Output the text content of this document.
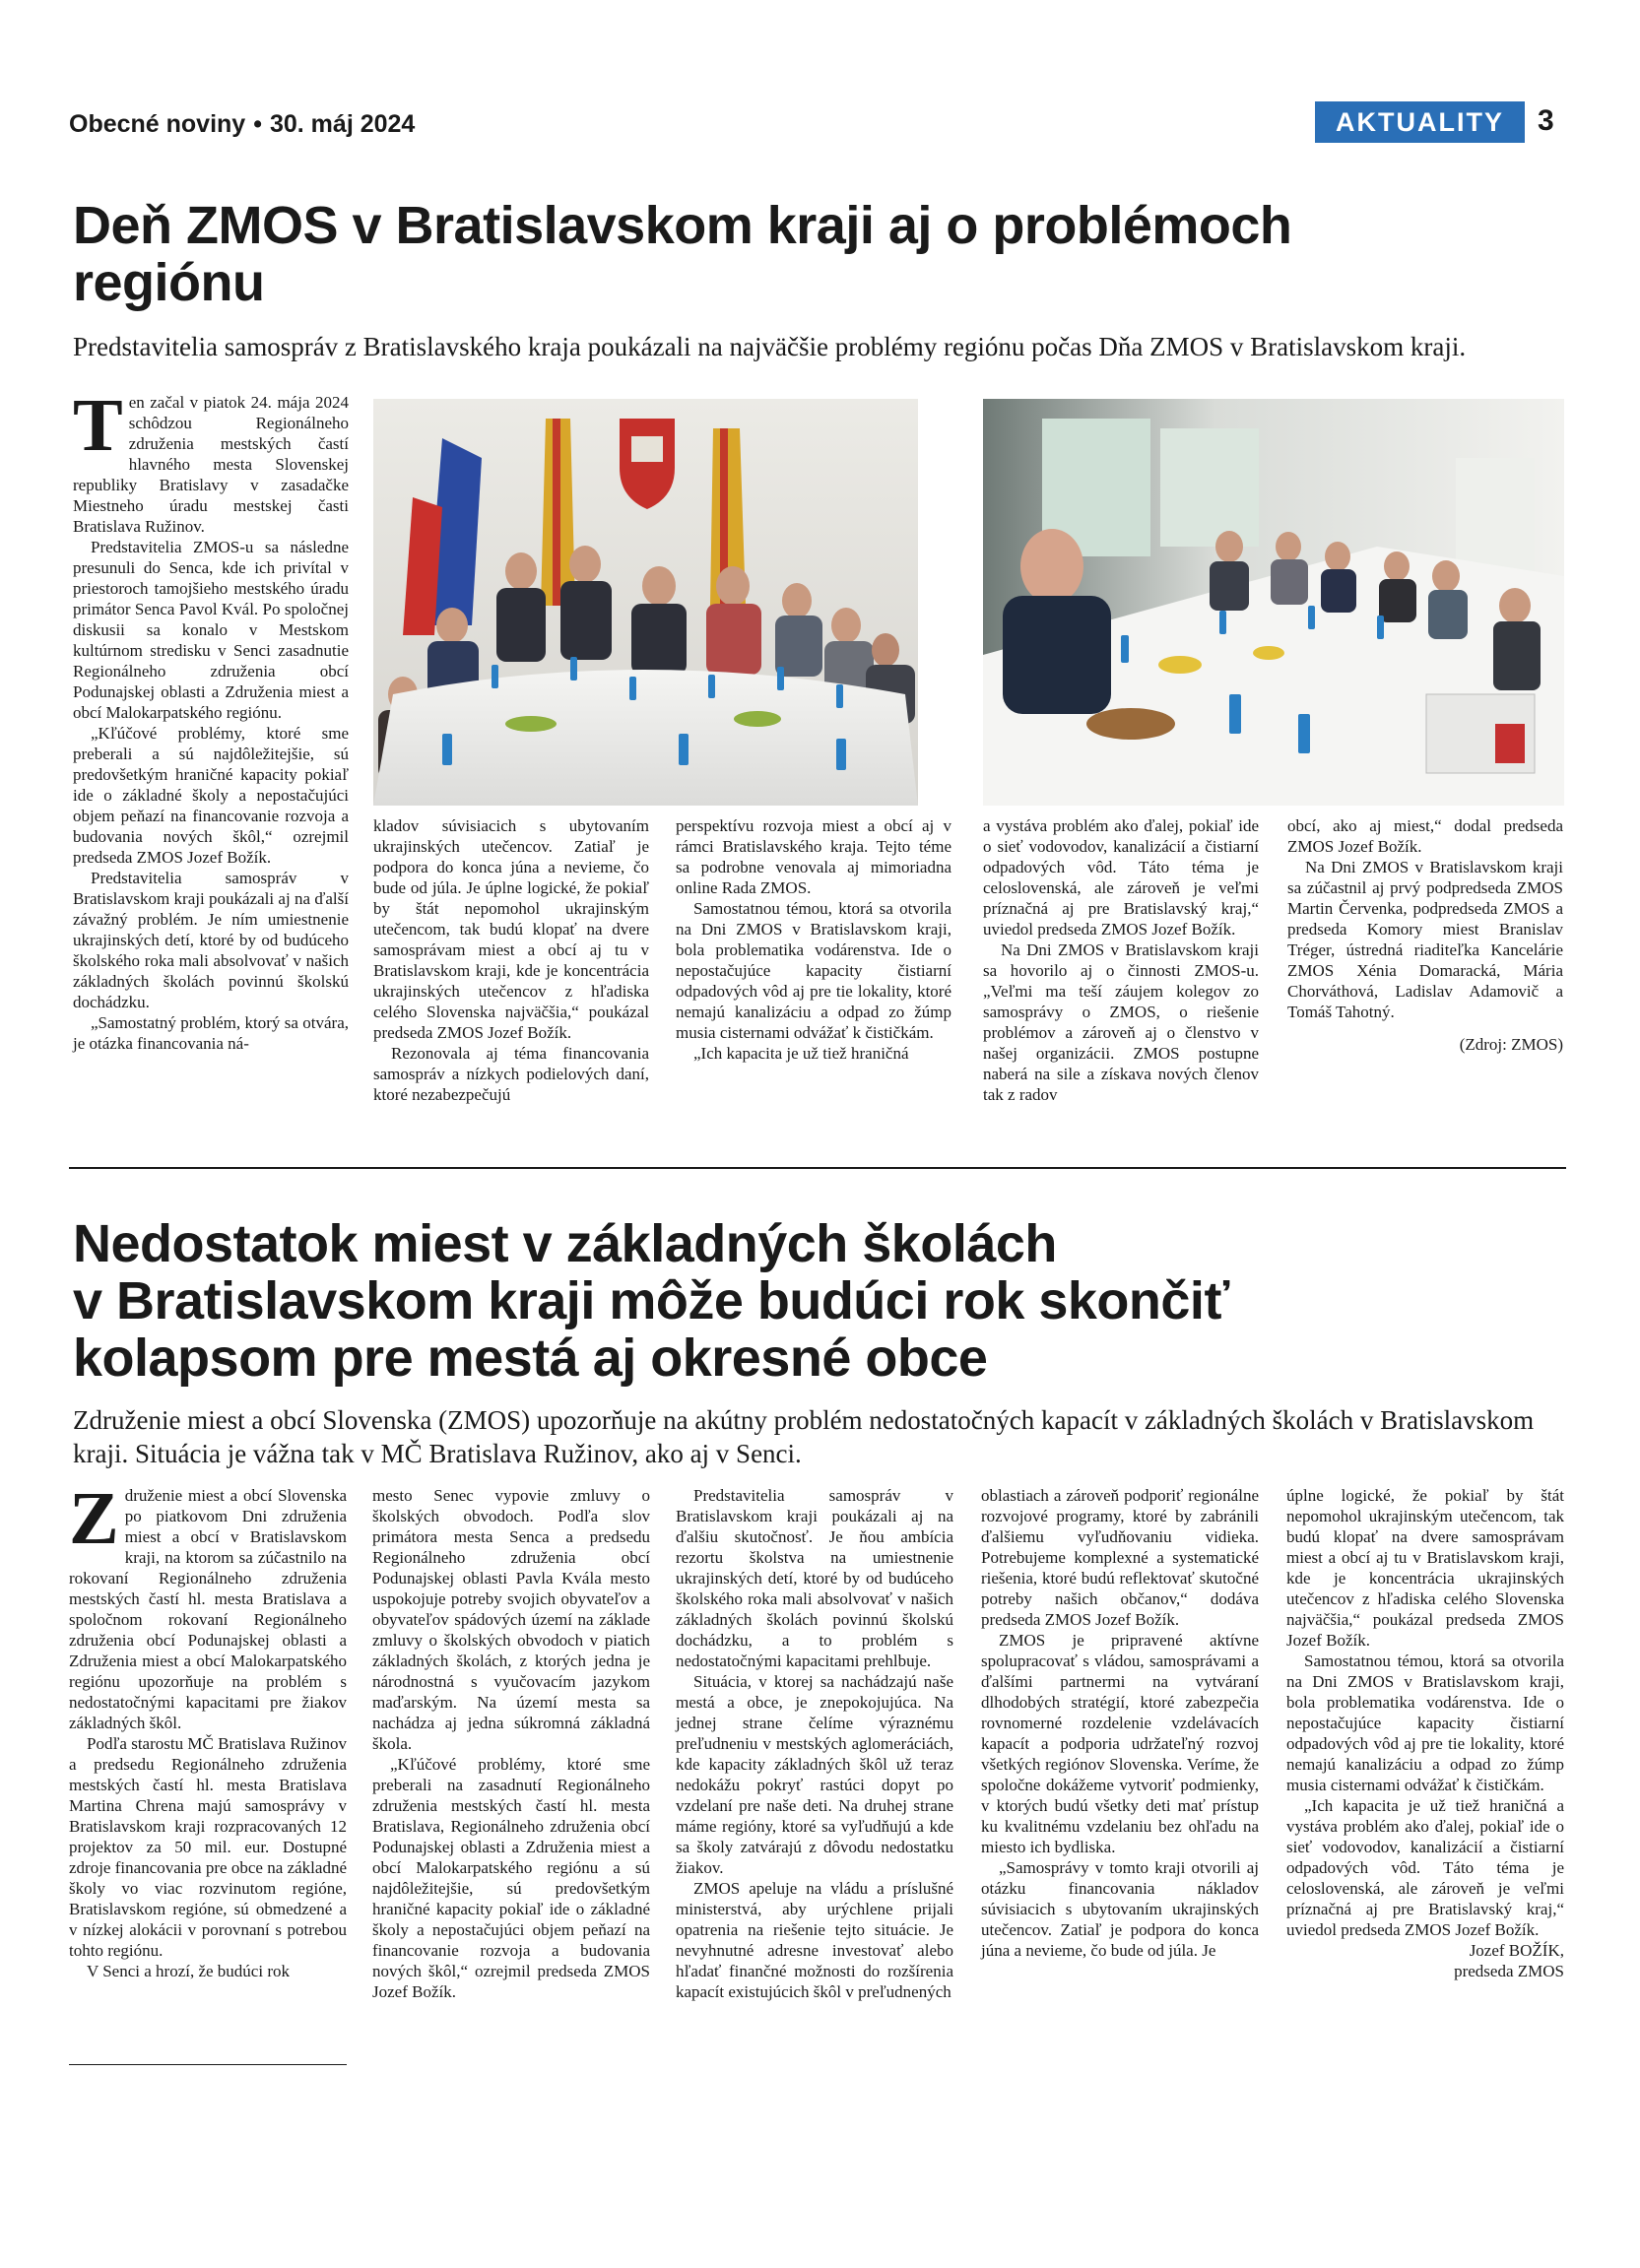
Obecné noviny • 30. máj 2024	AKTUALITY	3
Deň ZMOS v Bratislavskom kraji aj o problémoch
regiónu
Predstavitelia samospráv z Bratislavského kraja poukázali na najväčšie problémy regiónu počas Dňa ZMOS v Bratislavskom kraji.

Ten začal v piatok 24. mája 2024 schôdzou Regionálneho združenia mestských častí hlavného mesta Slovenskej republiky Bratislavy v zasadačke Miestneho úradu mestskej časti Bratislava Ružinov.

Predstavitelia ZMOS-u sa následne presunuli do Senca, kde ich privítal v priestoroch tamojšieho mestského úradu primátor Senca Pavol Kvál. Po spoločnej diskusii sa konalo v Mestskom kultúrnom stredisku v Senci zasadnutie Regionálneho združenia obcí Podunajskej oblasti a Združenia miest a obcí Malokarpatského regiónu.

„Kľúčové problémy, ktoré sme preberali a sú najdôležitejšie, sú predovšetkým hraničné kapacity pokiaľ ide o základné školy a nepostačujúci objem peňazí na financovanie rozvoja a budovania nových škôl,“ ozrejmil predseda ZMOS Jozef Božík.

Predstavitelia samospráv v Bratislavskom kraji poukázali aj na ďalší závažný problém. Je ním umiestnenie ukrajinských detí, ktoré by od budúceho školského roka mali absolvovať v našich základných školách povinnú školskú dochádzku.

„Samostatný problém, ktorý sa otvára, je otázka financovania ná-

kladov súvisiacich s ubytovaním ukrajinských utečencov. Zatiaľ je podpora do konca júna a nevieme, čo bude od júla. Je úplne logické, že pokiaľ by štát nepomohol ukrajinským utečencom, tak budú klopať na dvere samosprávam miest a obcí aj tu v Bratislavskom kraji, kde je koncentrácia ukrajinských utečencov z hľadiska celého Slovenska najväčšia,“ poukázal predseda ZMOS Jozef Božík.

Rezonovala aj téma financovania samospráv a nízkych podielových daní, ktoré nezabezpečujú

perspektívu rozvoja miest a obcí aj v rámci Bratislavského kraja. Tejto téme sa podrobne venovala aj mimoriadna online Rada ZMOS.

Samostatnou témou, ktorá sa otvorila na Dni ZMOS v Bratislavskom kraji, bola problematika vodárenstva. Ide o nepostačujúce kapacity čistiarní odpadových vôd aj pre tie lokality, ktoré nemajú kanalizáciu a odpad zo žúmp musia cisternami odvážať k čističkám.

„Ich kapacita je už tiež hraničná

a vystáva problém ako ďalej, pokiaľ ide o sieť vodovodov, kanalizácií a čistiarní odpadových vôd. Táto téma je celoslovenská, ale zároveň je veľmi príznačná aj pre Bratislavský kraj,“ uviedol predseda ZMOS Jozef Božík.

Na Dni ZMOS v Bratislavskom kraji sa hovorilo aj o činnosti ZMOS-u. „Veľmi ma teší záujem kolegov zo samosprávy o ZMOS, o riešenie problémov a zároveň aj o členstvo v našej organizácii. ZMOS postupne naberá na sile a získava nových členov tak z radov

obcí, ako aj miest,“ dodal predseda ZMOS Jozef Božík.

Na Dni ZMOS v Bratislavskom kraji sa zúčastnil aj prvý podpredseda ZMOS Martin Červenka, podpredseda ZMOS a predseda Komory miest Branislav Tréger, ústredná riaditeľka Kancelárie ZMOS Xénia Domaracká, Mária Chorváthová, Ladislav Adamovič a Tomáš Tahotný.

(Zdroj: ZMOS)
Nedostatok miest v základných školách
v Bratislavskom kraji môže budúci rok skončiť
kolapsom pre mestá aj okresné obce
Združenie miest a obcí Slovenska (ZMOS) upozorňuje na akútny problém nedostatočných kapacít v základných školách v Bratislavskom kraji. Situácia je vážna tak v MČ Bratislava Ružinov, ako aj v Senci.

Združenie miest a obcí Slovenska po piatkovom Dni združenia miest a obcí v Bratislavskom kraji, na ktorom sa zúčastnilo na rokovaní Regionálneho združenia mestských častí hl. mesta Bratislava a spoločnom rokovaní Regionálneho združenia obcí Podunajskej oblasti a Združenia miest a obcí Malokarpatského regiónu upozorňuje na problém s nedostatočnými kapacitami pre žiakov základných škôl.

Podľa starostu MČ Bratislava Ružinov a predsedu Regionálneho združenia mestských častí hl. mesta Bratislava Martina Chrena majú samosprávy v Bratislavskom kraji rozpracovaných 12 projektov za 50 mil. eur. Dostupné zdroje financovania pre obce na základné školy vo viac rozvinutom regióne, Bratislavskom regióne, sú obmedzené a v nízkej alokácii v porovnaní s potrebou tohto regiónu.

V Senci a hrozí, že budúci rok

mesto Senec vypovie zmluvy o školských obvodoch. Podľa slov primátora mesta Senca a predsedu Regionálneho združenia obcí Podunajskej oblasti Pavla Kvála mesto uspokojuje potreby svojich obyvateľov a obyvateľov spádových území na základe zmluvy o školských obvodoch v piatich základných školách, z ktorých jedna je národnostná s vyučovacím jazykom maďarským. Na území mesta sa nachádza aj jedna súkromná základná škola.

„Kľúčové problémy, ktoré sme preberali na zasadnutí Regionálneho združenia mestských častí hl. mesta Bratislava, Regionálneho združenia obcí Podunajskej oblasti a Združenia miest a obcí Malokarpatského regiónu a sú najdôležitejšie, sú predovšetkým hraničné kapacity pokiaľ ide o základné školy a nepostačujúci objem peňazí na financovanie rozvoja a budovania nových škôl,“ ozrejmil predseda ZMOS Jozef Božík.

Predstavitelia samospráv v Bratislavskom kraji poukázali aj na ďalšiu skutočnosť. Je ňou ambícia rezortu školstva na umiestnenie ukrajinských detí, ktoré by od budúceho školského roka mali absolvovať v našich základných školách povinnú školskú dochádzku, a to problém s nedostatočnými kapacitami prehlbuje.

Situácia, v ktorej sa nachádzajú naše mestá a obce, je znepokojujúca. Na jednej strane čelíme výraznému preľudneniu v mestských aglomeráciách, kde kapacity základných škôl už teraz nedokážu pokryť rastúci dopyt po vzdelaní pre naše deti. Na druhej strane máme regióny, ktoré sa vyľudňujú a kde sa školy zatvárajú z dôvodu nedostatku žiakov.

ZMOS apeluje na vládu a príslušné ministerstvá, aby urýchlene prijali opatrenia na riešenie tejto situácie. Je nevyhnutné adresne investovať alebo hľadať finančné možnosti do rozšírenia kapacít existujúcich škôl v preľudnených

oblastiach a zároveň podporiť regionálne rozvojové programy, ktoré by zabránili ďalšiemu vyľudňovaniu vidieka. Potrebujeme komplexné a systematické riešenia, ktoré budú reflektovať skutočné potreby našich občanov,“ dodáva predseda ZMOS Jozef Božík.

ZMOS je pripravené aktívne spolupracovať s vládou, samosprávami a ďalšími partnermi na vytváraní dlhodobých stratégií, ktoré zabezpečia rovnomerné rozdelenie vzdelávacích kapacít a podporia udržateľný rozvoj všetkých regiónov Slovenska. Veríme, že spoločne dokážeme vytvoriť podmienky, v ktorých budú všetky deti mať prístup ku kvalitnému vzdelaniu bez ohľadu na miesto ich bydliska.

„Samosprávy v tomto kraji otvorili aj otázku financovania nákladov súvisiacich s ubytovaním ukrajinských utečencov. Zatiaľ je podpora do konca júna a nevieme, čo bude od júla. Je

úplne logické, že pokiaľ by štát nepomohol ukrajinským utečencom, tak budú klopať na dvere samosprávam miest a obcí aj tu v Bratislavskom kraji, kde je koncentrácia ukrajinských utečencov z hľadiska celého Slovenska najväčšia,“ poukázal predseda ZMOS Jozef Božík.

Samostatnou témou, ktorá sa otvorila na Dni ZMOS v Bratislavskom kraji, bola problematika vodárenstva. Ide o nepostačujúce kapacity čistiarní odpadových vôd aj pre tie lokality, ktoré nemajú kanalizáciu a odpad zo žúmp musia cisternami odvážať k čističkám.

„Ich kapacita je už tiež hraničná a vystáva problém ako ďalej, pokiaľ ide o sieť vodovodov, kanalizácií a čistiarní odpadových vôd. Táto téma je celoslovenská, ale zároveň je veľmi príznačná aj pre Bratislavský kraj,“ uviedol predseda ZMOS Jozef Božík.

Jozef BOŽÍK,
predseda ZMOS
